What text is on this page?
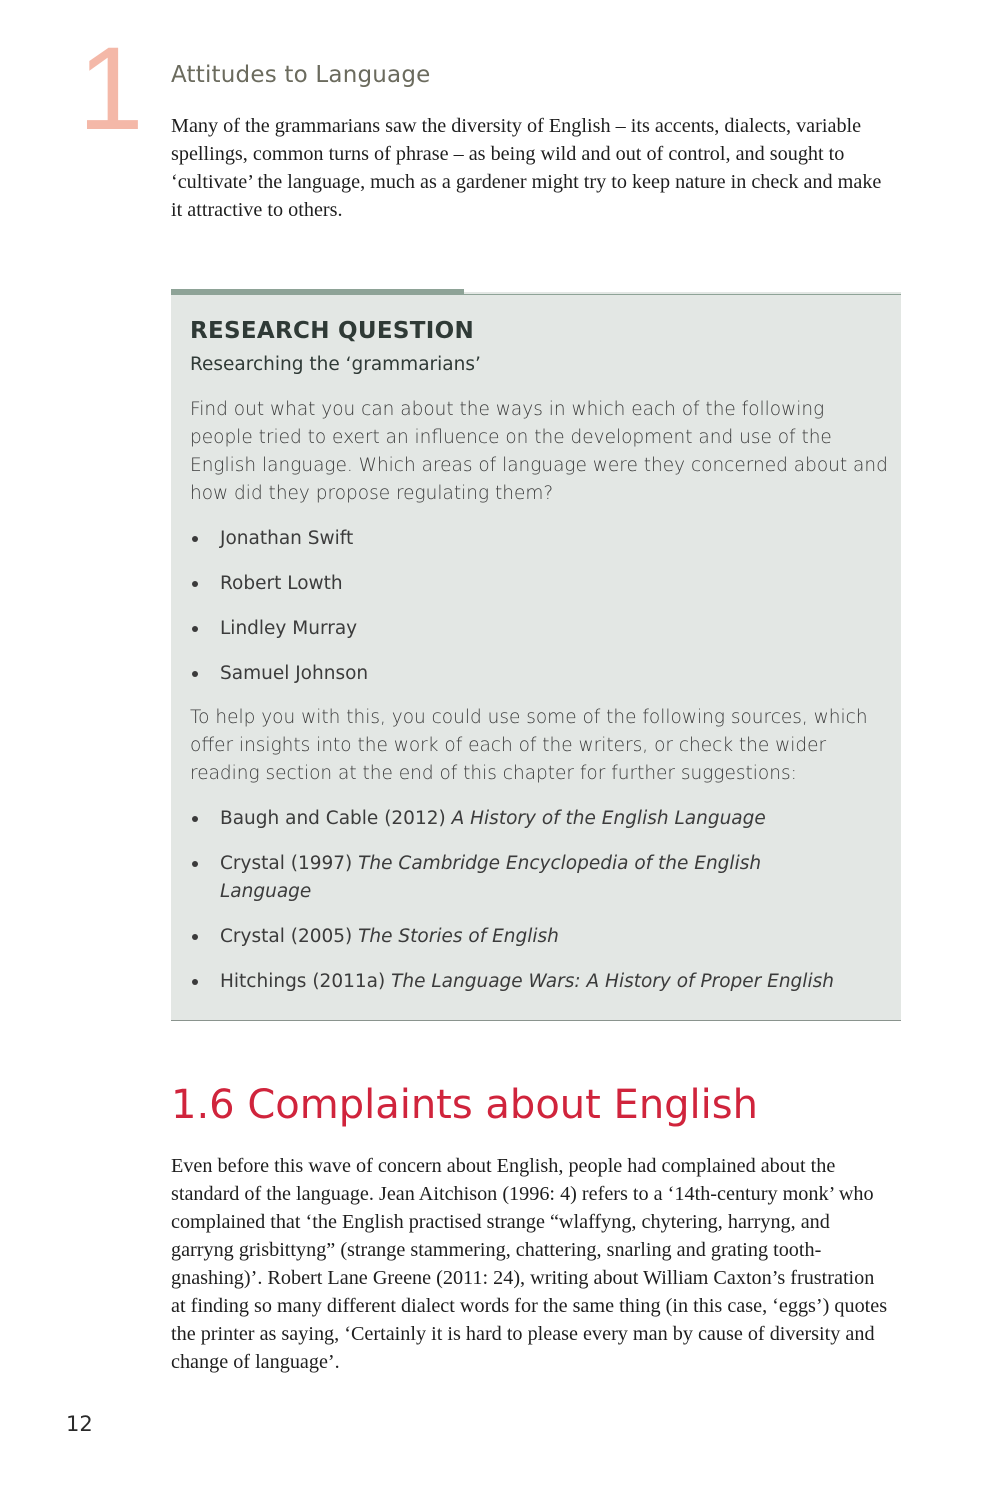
1 Attitudes to Language

Many of the grammarians saw the diversity of English – its accents, dialects, variable spellings, common turns of phrase – as being wild and out of control, and sought to ‘cultivate’ the language, much as a gardener might try to keep nature in check and make it attractive to others.

RESEARCH QUESTION

Researching the ‘grammarians’

Find out what you can about the ways in which each of the following people tried to exert an influence on the development and use of the English language. Which areas of language were they concerned about and how did they propose regulating them?

Jonathan Swift
Robert Lowth
Lindley Murray
Samuel Johnson

To help you with this, you could use some of the following sources, which offer insights into the work of each of the writers, or check the wider reading section at the end of this chapter for further suggestions:

Baugh and Cable (2012) A History of the English Language
Crystal (1997) The Cambridge Encyclopedia of the English Language
Crystal (2005) The Stories of English
Hitchings (2011a) The Language Wars: A History of Proper English
1.6 Complaints about English

Even before this wave of concern about English, people had complained about the standard of the language. Jean Aitchison (1996: 4) refers to a ‘14th-century monk’ who complained that ‘the English practised strange “wlaffyng, chytering, harryng, and garryng grisbittyng” (strange stammering, chattering, snarling and grating tooth-gnashing)’. Robert Lane Greene (2011: 24), writing about William Caxton’s frustration at finding so many different dialect words for the same thing (in this case, ‘eggs’) quotes the printer as saying, ‘Certainly it is hard to please every man by cause of diversity and change of language’.

12
